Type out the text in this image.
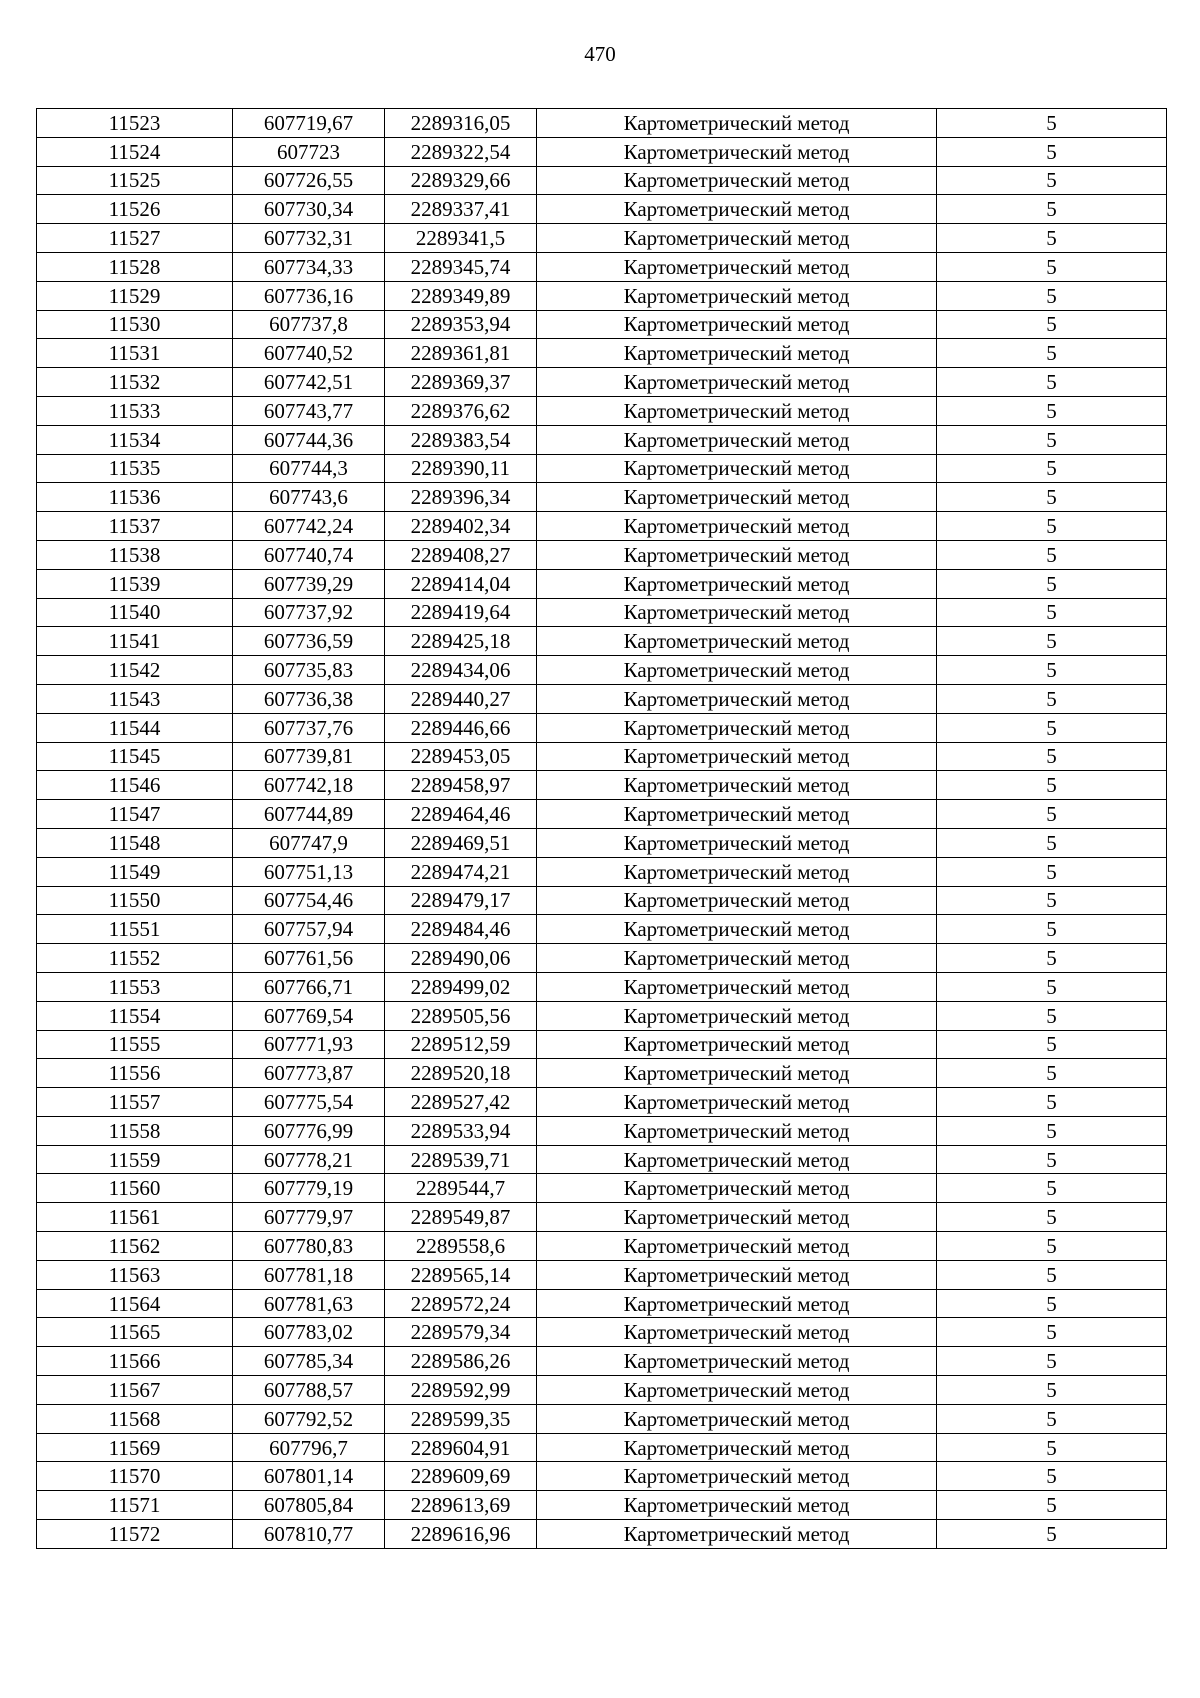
470
11523	607719,67	2289316,05	Картометрический метод	5
11524	607723	2289322,54	Картометрический метод	5
11525	607726,55	2289329,66	Картометрический метод	5
11526	607730,34	2289337,41	Картометрический метод	5
11527	607732,31	2289341,5	Картометрический метод	5
11528	607734,33	2289345,74	Картометрический метод	5
11529	607736,16	2289349,89	Картометрический метод	5
11530	607737,8	2289353,94	Картометрический метод	5
11531	607740,52	2289361,81	Картометрический метод	5
11532	607742,51	2289369,37	Картометрический метод	5
11533	607743,77	2289376,62	Картометрический метод	5
11534	607744,36	2289383,54	Картометрический метод	5
11535	607744,3	2289390,11	Картометрический метод	5
11536	607743,6	2289396,34	Картометрический метод	5
11537	607742,24	2289402,34	Картометрический метод	5
11538	607740,74	2289408,27	Картометрический метод	5
11539	607739,29	2289414,04	Картометрический метод	5
11540	607737,92	2289419,64	Картометрический метод	5
11541	607736,59	2289425,18	Картометрический метод	5
11542	607735,83	2289434,06	Картометрический метод	5
11543	607736,38	2289440,27	Картометрический метод	5
11544	607737,76	2289446,66	Картометрический метод	5
11545	607739,81	2289453,05	Картометрический метод	5
11546	607742,18	2289458,97	Картометрический метод	5
11547	607744,89	2289464,46	Картометрический метод	5
11548	607747,9	2289469,51	Картометрический метод	5
11549	607751,13	2289474,21	Картометрический метод	5
11550	607754,46	2289479,17	Картометрический метод	5
11551	607757,94	2289484,46	Картометрический метод	5
11552	607761,56	2289490,06	Картометрический метод	5
11553	607766,71	2289499,02	Картометрический метод	5
11554	607769,54	2289505,56	Картометрический метод	5
11555	607771,93	2289512,59	Картометрический метод	5
11556	607773,87	2289520,18	Картометрический метод	5
11557	607775,54	2289527,42	Картометрический метод	5
11558	607776,99	2289533,94	Картометрический метод	5
11559	607778,21	2289539,71	Картометрический метод	5
11560	607779,19	2289544,7	Картометрический метод	5
11561	607779,97	2289549,87	Картометрический метод	5
11562	607780,83	2289558,6	Картометрический метод	5
11563	607781,18	2289565,14	Картометрический метод	5
11564	607781,63	2289572,24	Картометрический метод	5
11565	607783,02	2289579,34	Картометрический метод	5
11566	607785,34	2289586,26	Картометрический метод	5
11567	607788,57	2289592,99	Картометрический метод	5
11568	607792,52	2289599,35	Картометрический метод	5
11569	607796,7	2289604,91	Картометрический метод	5
11570	607801,14	2289609,69	Картометрический метод	5
11571	607805,84	2289613,69	Картометрический метод	5
11572	607810,77	2289616,96	Картометрический метод	5
